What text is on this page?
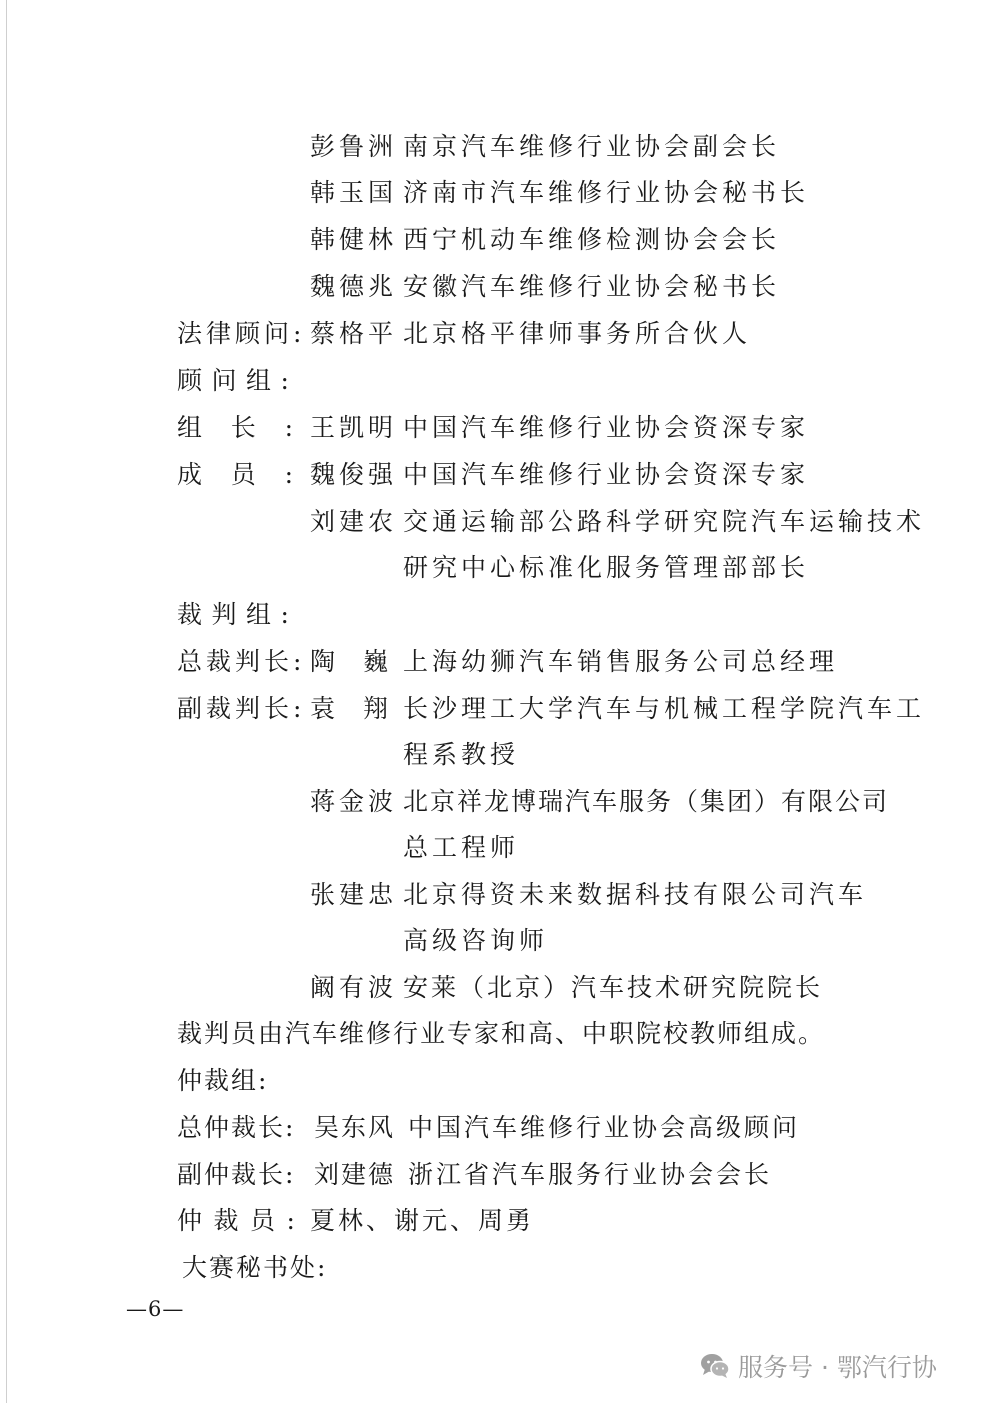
彭鲁洲 南京汽车维修行业协会副会长
韩玉国 济南市汽车维修行业协会秘书长
韩健林 西宁机动车维修检测协会会长
魏德兆 安徽汽车维修行业协会秘书长
法律顾问: 蔡格平 北京格平律师事务所合伙人
顾 问 组 :
组 长 : 王凯明 中国汽车维修行业协会资深专家
成 员 : 魏俊强 中国汽车维修行业协会资深专家
刘建农 交通运输部公路科学研究院汽车运输技术
研究中心标准化服务管理部部长
裁 判 组 :
总裁判长: 陶 巍 上海幼狮汽车销售服务公司总经理
副裁判长: 袁 翔 长沙理工大学汽车与机械工程学院汽车工
程系教授
蒋金波 北京祥龙博瑞汽车服务（集团）有限公司
总工程师
张建忠 北京得资未来数据科技有限公司汽车
高级咨询师
阚有波 安莱（北京）汽车技术研究院院长
裁判员由汽车维修行业专家和高、中职院校教师组成。
仲裁组:
总仲裁长: 吴东风 中国汽车维修行业协会高级顾问
副仲裁长: 刘建德 浙江省汽车服务行业协会会长
仲 裁 员 : 夏林、谢元、周勇
大赛秘书处:
—6—
服务号 · 鄂汽行协
